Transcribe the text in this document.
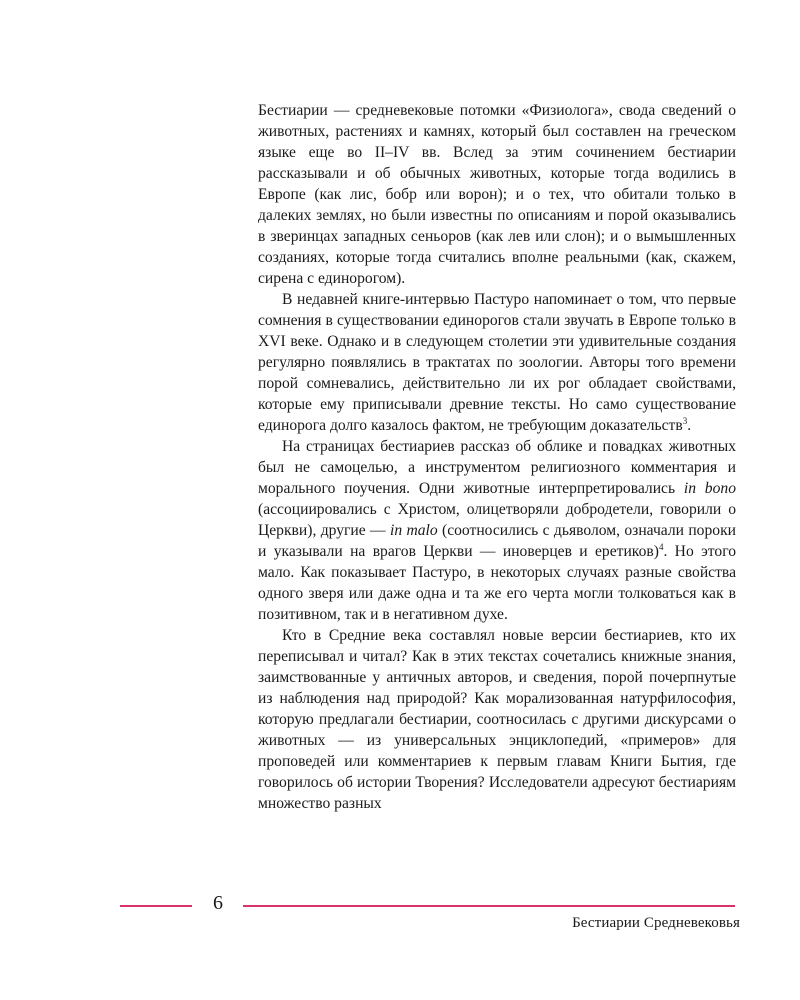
Бестиарии — средневековые потомки «Физиолога», свода сведений о животных, растениях и камнях, который был составлен на греческом языке еще во II–IV вв. Вслед за этим сочинением бестиарии рассказывали и об обычных животных, которые тогда водились в Европе (как лис, бобр или ворон); и о тех, что обитали только в далеких землях, но были известны по описаниям и порой оказывались в зверинцах западных сеньоров (как лев или слон); и о вымышленных созданиях, которые тогда считались вполне реальными (как, скажем, сирена с единорогом).

В недавней книге-интервью Пастуро напоминает о том, что первые сомнения в существовании единорогов стали звучать в Европе только в XVI веке. Однако и в следующем столетии эти удивительные создания регулярно появлялись в трактатах по зоологии. Авторы того времени порой сомневались, действительно ли их рог обладает свойствами, которые ему приписывали древние тексты. Но само существование единорога долго казалось фактом, не требующим доказательств$^3$.

На страницах бестиариев рассказ об облике и повадках животных был не самоцелью, а инструментом религиозного комментария и морального поучения. Одни животные интерпретировались in bono (ассоциировались с Христом, олицетворяли добродетели, говорили о Церкви), другие — in malo (соотносились с дьяволом, означали пороки и указывали на врагов Церкви — иноверцев и еретиков)$^4$. Но этого мало. Как показывает Пастуро, в некоторых случаях разные свойства одного зверя или даже одна и та же его черта могли толковаться как в позитивном, так и в негативном духе.

Кто в Средние века составлял новые версии бестиариев, кто их переписывал и читал? Как в этих текстах сочетались книжные знания, заимствованные у античных авторов, и сведения, порой почерпнутые из наблюдения над природой? Как морализованная натурфилософия, которую предлагали бестиарии, соотносилась с другими дискурсами о животных — из универсальных энциклопедий, «примеров» для проповедей или комментариев к первым главам Книги Бытия, где говорилось об истории Творения? Исследователи адресуют бестиариям множество разных

6
Бестиарии Средневековья
